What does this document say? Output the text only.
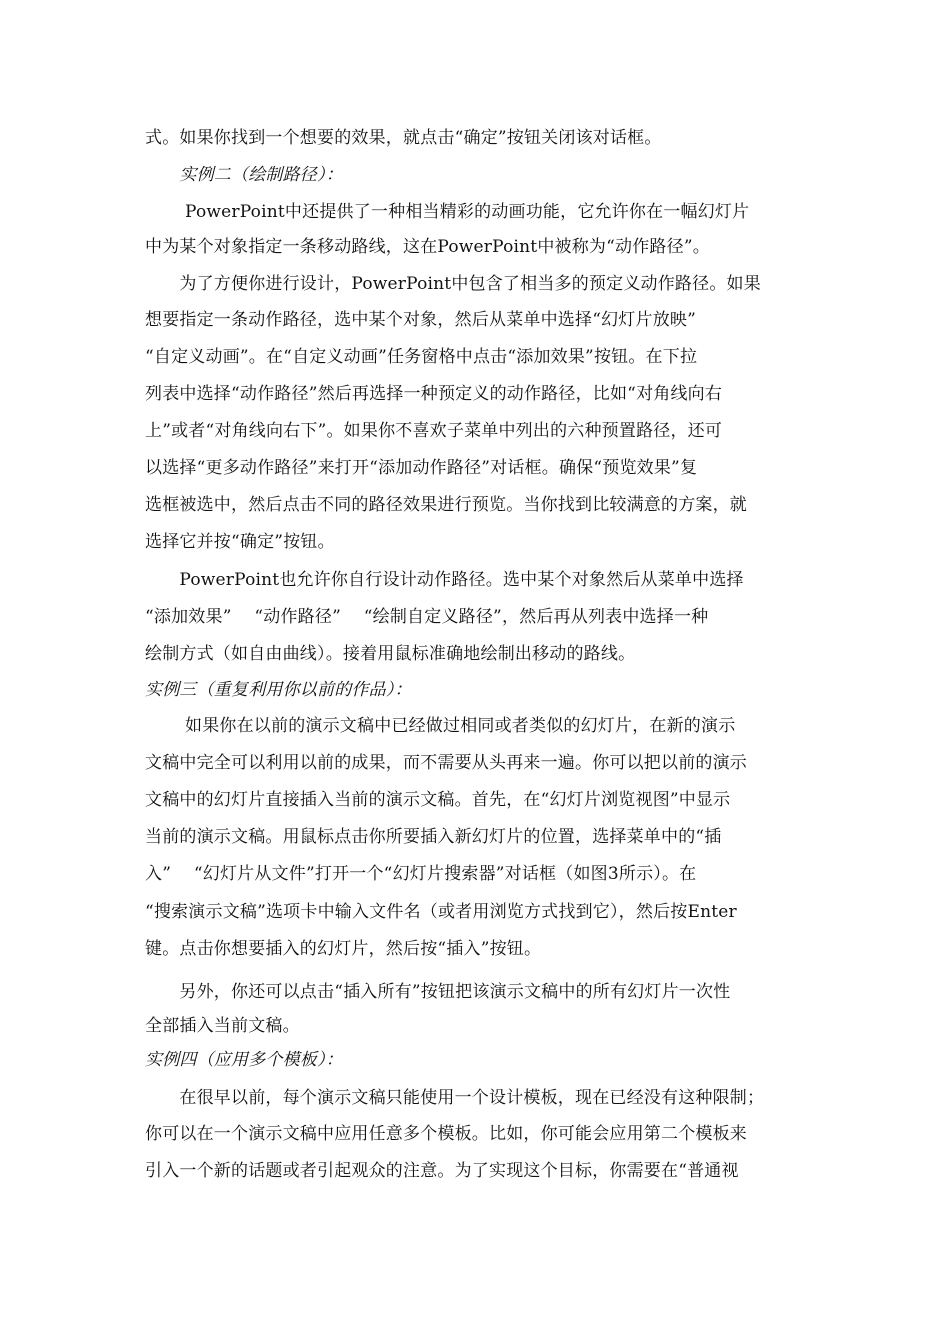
式。如果你找到一个想要的效果，就点击“确定”按钮关闭该对话框。
　　实例二（绘制路径）：
　　 PowerPoint中还提供了一种相当精彩的动画功能，它允许你在一幅幻灯片
中为某个对象指定一条移动路线，这在PowerPoint中被称为“动作路径”。
　　为了方便你进行设计，PowerPoint中包含了相当多的预定义动作路径。如果
想要指定一条动作路径，选中某个对象，然后从菜单中选择“幻灯片放映”
“自定义动画”。在“自定义动画”任务窗格中点击“添加效果”按钮。在下拉
列表中选择“动作路径”然后再选择一种预定义的动作路径，比如“对角线向右
上”或者“对角线向右下”。如果你不喜欢子菜单中列出的六种预置路径，还可
以选择“更多动作路径”来打开“添加动作路径”对话框。确保“预览效果”复
选框被选中，然后点击不同的路径效果进行预览。当你找到比较满意的方案，就
选择它并按“确定”按钮。
　　PowerPoint也允许你自行设计动作路径。选中某个对象然后从菜单中选择
“添加效果”　 “动作路径”　 “绘制自定义路径”，然后再从列表中选择一种
绘制方式（如自由曲线）。接着用鼠标准确地绘制出移动的路线。
实例三（重复利用你以前的作品）：
　　 如果你在以前的演示文稿中已经做过相同或者类似的幻灯片，在新的演示
文稿中完全可以利用以前的成果，而不需要从头再来一遍。你可以把以前的演示
文稿中的幻灯片直接插入当前的演示文稿。首先，在“幻灯片浏览视图”中显示
当前的演示文稿。用鼠标点击你所要插入新幻灯片的位置，选择菜单中的“插
入”　 “幻灯片从文件”打开一个“幻灯片搜索器”对话框（如图3所示）。在
“搜索演示文稿”选项卡中输入文件名（或者用浏览方式找到它），然后按Enter
键。点击你想要插入的幻灯片，然后按“插入”按钮。
　　另外，你还可以点击“插入所有”按钮把该演示文稿中的所有幻灯片一次性
全部插入当前文稿。
实例四（应用多个模板）：
　　在很早以前，每个演示文稿只能使用一个设计模板，现在已经没有这种限制；
你可以在一个演示文稿中应用任意多个模板。比如，你可能会应用第二个模板来
引入一个新的话题或者引起观众的注意。为了实现这个目标，你需要在“普通视
